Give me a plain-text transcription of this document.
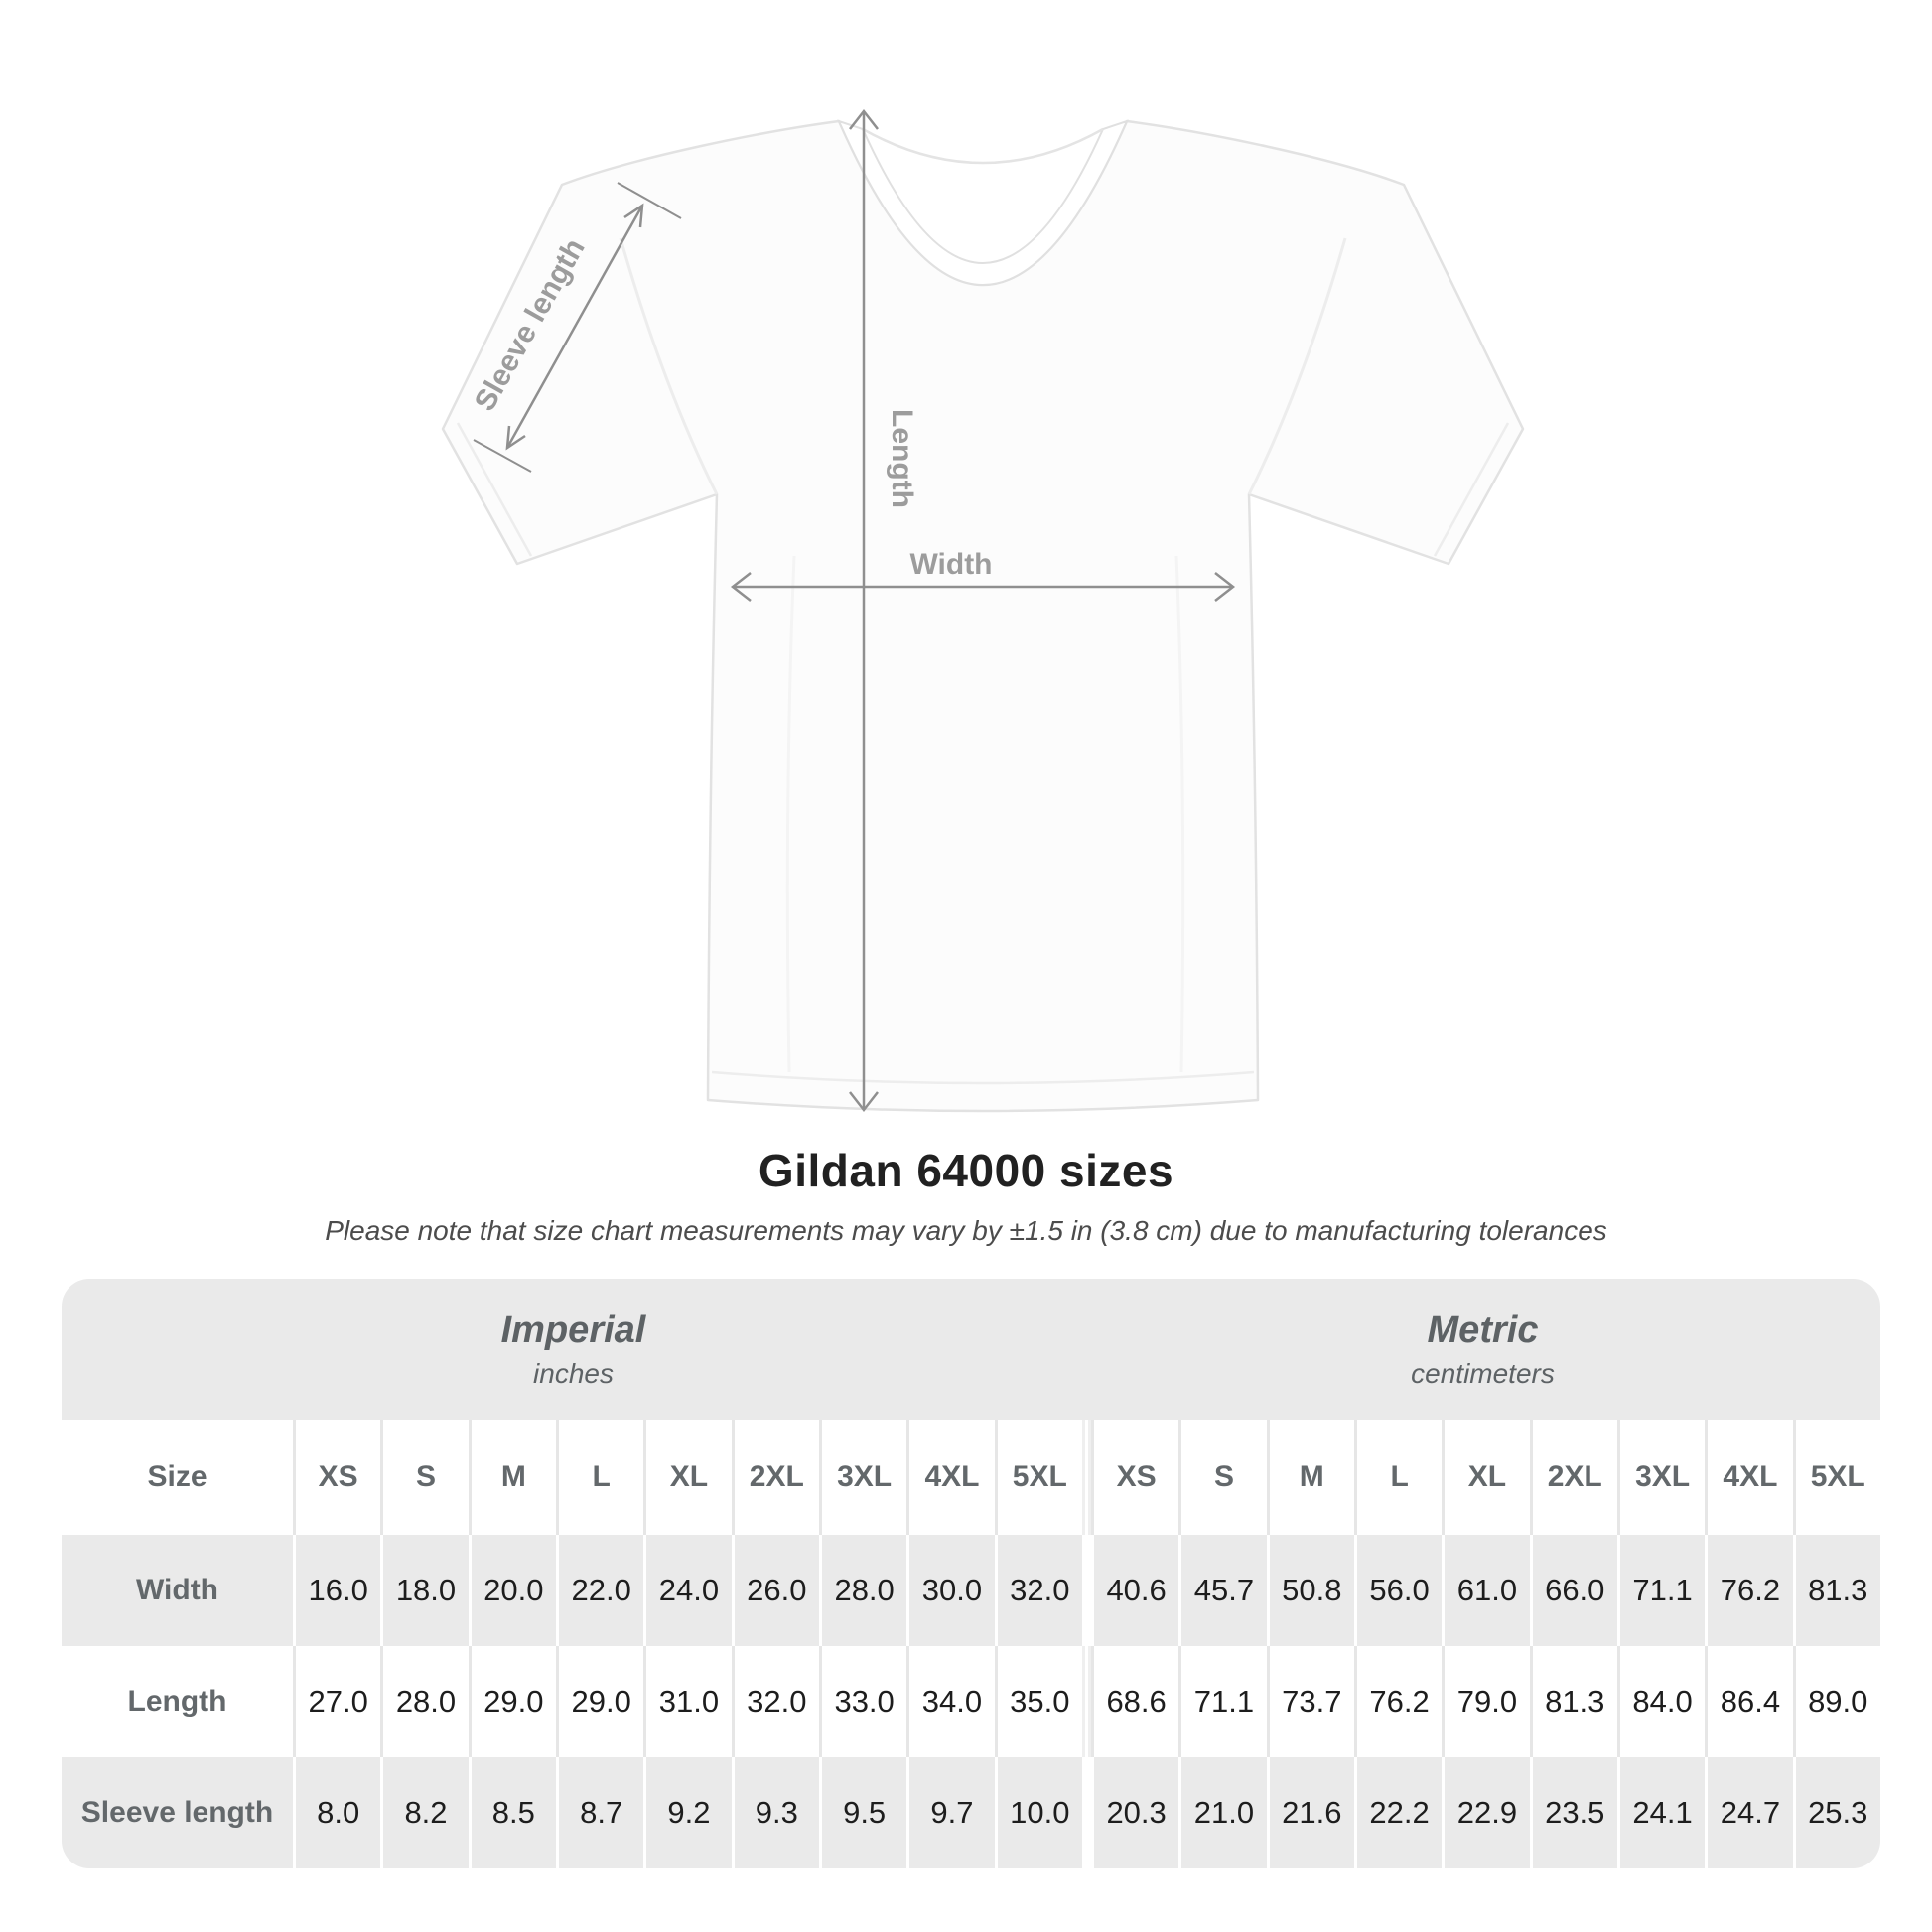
Sleeve length
Length
Width
Gildan 64000 sizes
Please note that size chart measurements may vary by ±1.5 in (3.8 cm) due to manufacturing tolerances
Imperial
inches
Metric
centimeters
Size	XS	S	M	L	XL	2XL	3XL	4XL	5XL	XS	S	M	L	XL	2XL	3XL	4XL	5XL
Width	16.0 18.0 20.0 22.0 24.0 26.0 28.0 30.0 32.0	40.6 45.7 50.8 56.0 61.0 66.0 71.1 76.2 81.3
Length	27.0 28.0 29.0 29.0 31.0 32.0 33.0 34.0 35.0	68.6 71.1 73.7 76.2 79.0 81.3 84.0 86.4 89.0
Sleeve length	8.0	8.2	8.5	8.7	9.2	9.3	9.5	9.7	10.0	20.3 21.0 21.6 22.2 22.9 23.5 24.1 24.7 25.3
